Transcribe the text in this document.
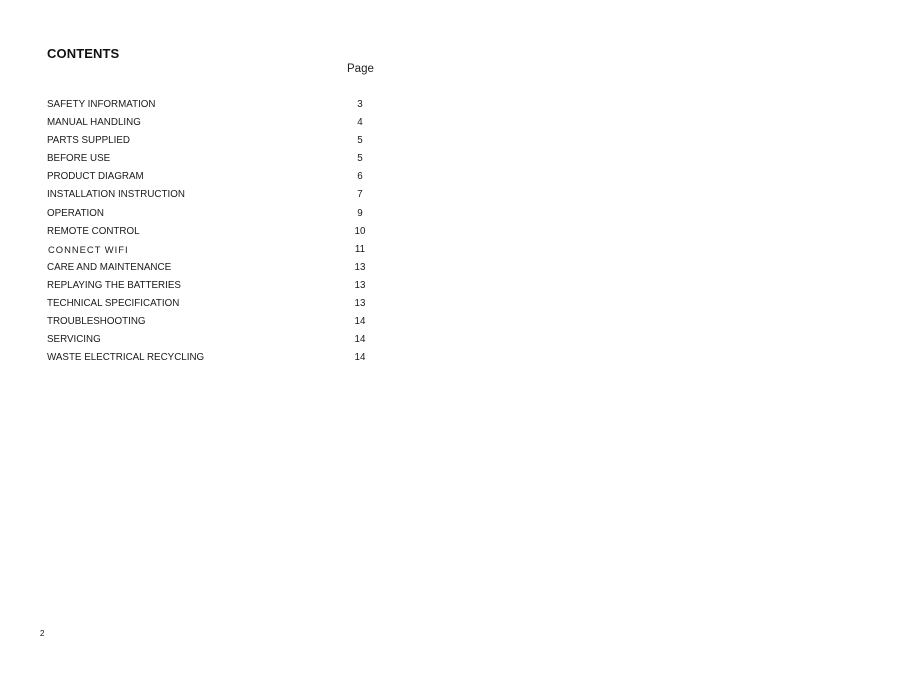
CONTENTS
Page
SAFETY INFORMATION	3
MANUAL HANDLING	4
PARTS SUPPLIED	5
BEFORE USE	5
PRODUCT DIAGRAM	6
INSTALLATION INSTRUCTION	7
OPERATION	9
REMOTE CONTROL	10
CONNECT WIFI	11
CARE AND MAINTENANCE	13
REPLAYING THE BATTERIES	13
TECHNICAL SPECIFICATION	13
TROUBLESHOOTING	14
SERVICING	14
WASTE ELECTRICAL RECYCLING	14
2
